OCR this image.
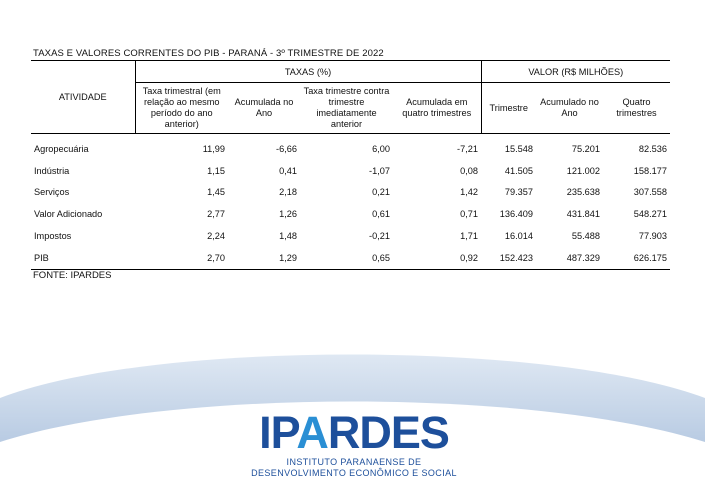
TAXAS E VALORES CORRENTES DO PIB - PARANÁ - 3º TRIMESTRE DE 2022
ATIVIDADE	TAXAS (%)				VALOR (R$ MILHÕES)		
	Taxa trimestral (em relação ao mesmo período do ano anterior)	Acumulada no Ano	Taxa trimestre contra trimestre imediatamente anterior	Acumulada em quatro trimestres	Trimestre	Acumulado no Ano	Quatro trimestres
Agropecuária	11,99	-6,66	6,00	-7,21	15.548	75.201	82.536
Indústria	1,15	0,41	-1,07	0,08	41.505	121.002	158.177
Serviços	1,45	2,18	0,21	1,42	79.357	235.638	307.558
Valor Adicionado	2,77	1,26	0,61	0,71	136.409	431.841	548.271
Impostos	2,24	1,48	-0,21	1,71	16.014	55.488	77.903
PIB	2,70	1,29	0,65	0,92	152.423	487.329	626.175
FONTE: IPARDES
IPARDES
INSTITUTO PARANAENSE DE
DESENVOLVIMENTO ECONÔMICO E SOCIAL
